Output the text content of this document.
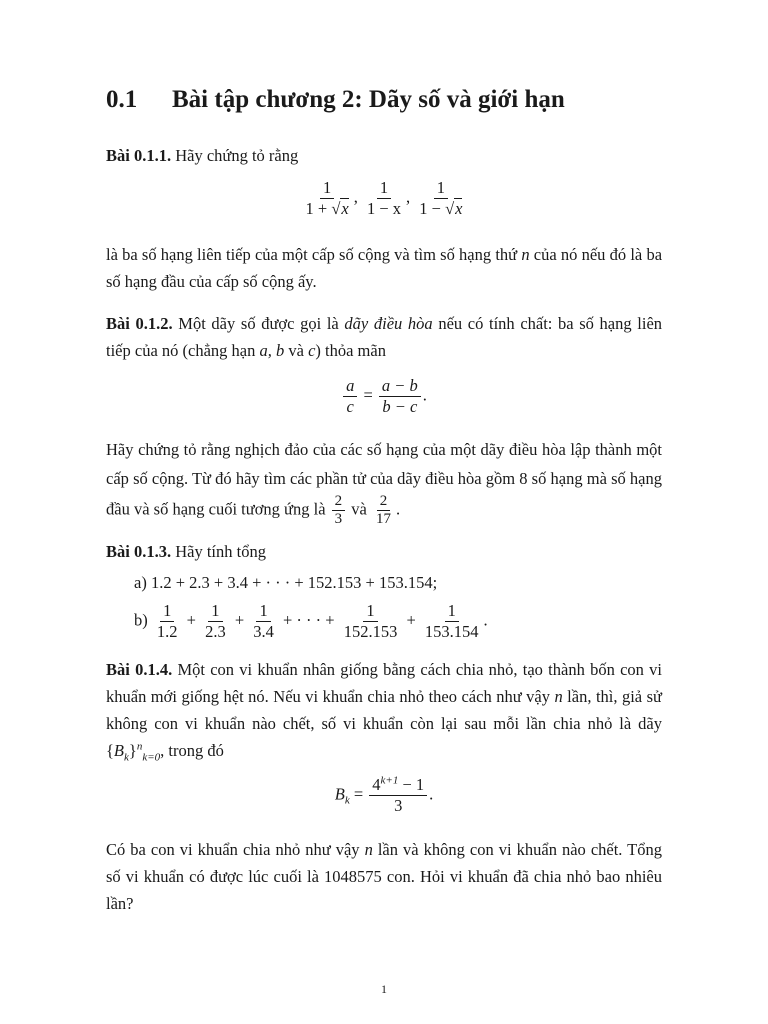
0.1 Bài tập chương 2: Dãy số và giới hạn

Bài 0.1.1. Hãy chứng tỏ rằng

$\frac{1}{1 + √x}$ , $\frac{1}{1 - x}$ , $\frac{1}{1 - √x}$

là ba số hạng liên tiếp của một cấp số cộng và tìm số hạng thứ n của nó nếu đó là ba số hạng đầu của cấp số cộng ấy.

Bài 0.1.2. Một dãy số được gọi là dãy điều hòa nếu có tính chất: ba số hạng liên tiếp của nó (chẳng hạn a, b và c) thỏa mãn

$\frac{a}{c} = \frac{a - b}{b - c}$ .

Hãy chứng tỏ rằng nghịch đảo của các số hạng của một dãy điều hòa lập thành một cấp số cộng. Từ đó hãy tìm các phần tử của dãy điều hòa gồm 8 số hạng mà số hạng đầu và số hạng cuối tương ứng là $\frac{2}{3}$ và $\frac{2}{17}$ .

Bài 0.1.3. Hãy tính tổng

a) 1.2 + 2.3 + 3.4 + · · · + 152.153 + 153.154;
$b) \frac{1}{1.2} + \frac{1}{2.3} + \frac{1}{3.4}$ + · · · + $\frac{1}{152.153} + \frac{1}{153.154}$ .

Bài 0.1.4. Một con vi khuẩn nhân giống bằng cách chia nhỏ, tạo thành bốn con vi khuẩn mới giống hệt nó. Nếu vi khuẩn chia nhỏ theo cách như vậy n lần, thì, giả sử không con vi khuẩn nào chết, số vi khuẩn còn lại sau mỗi lần chia nhỏ là dãy $\{B_k\}^n_{k=0}$, trong đó

$B_k = \frac{4^{k+1} - 1}{3}$ .

Có ba con vi khuẩn chia nhỏ như vậy n lần và không con vi khuẩn nào chết. Tổng số vi khuẩn có được lúc cuối là 1048575 con. Hỏi vi khuẩn đã chia nhỏ bao nhiêu lần?

1
